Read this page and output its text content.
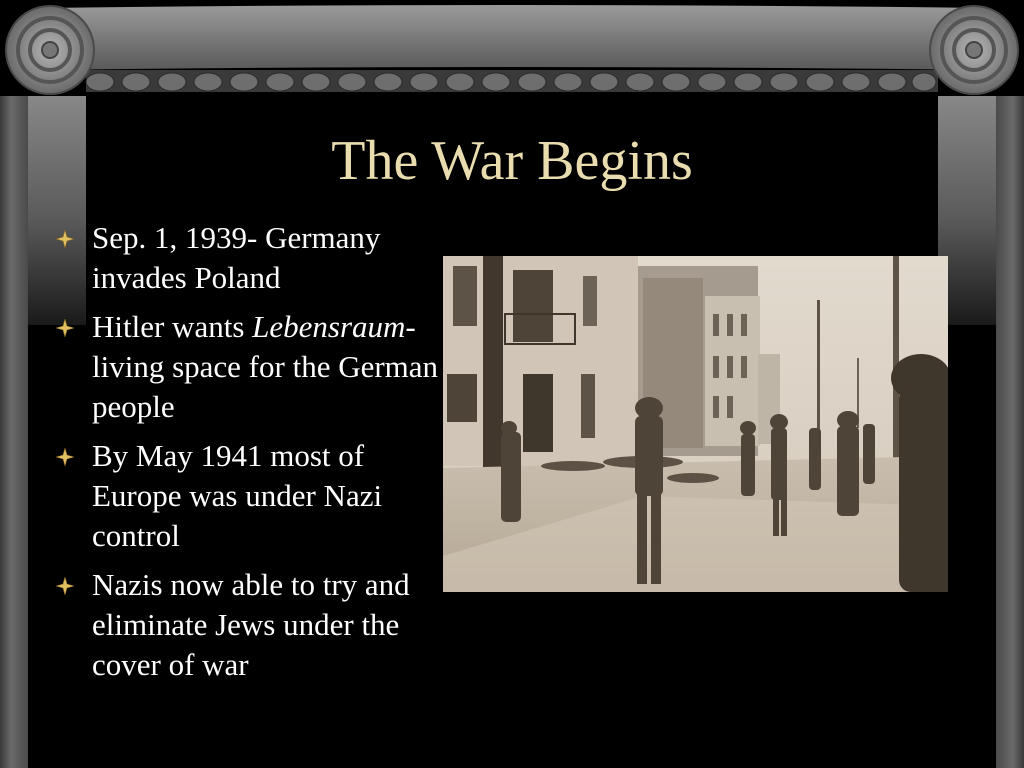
The War Begins
Sep. 1, 1939- Germany invades Poland
Hitler wants Lebensraum-living space for the German people
By May 1941 most of Europe was under Nazi control
Nazis now able to try and eliminate Jews under the cover of war
